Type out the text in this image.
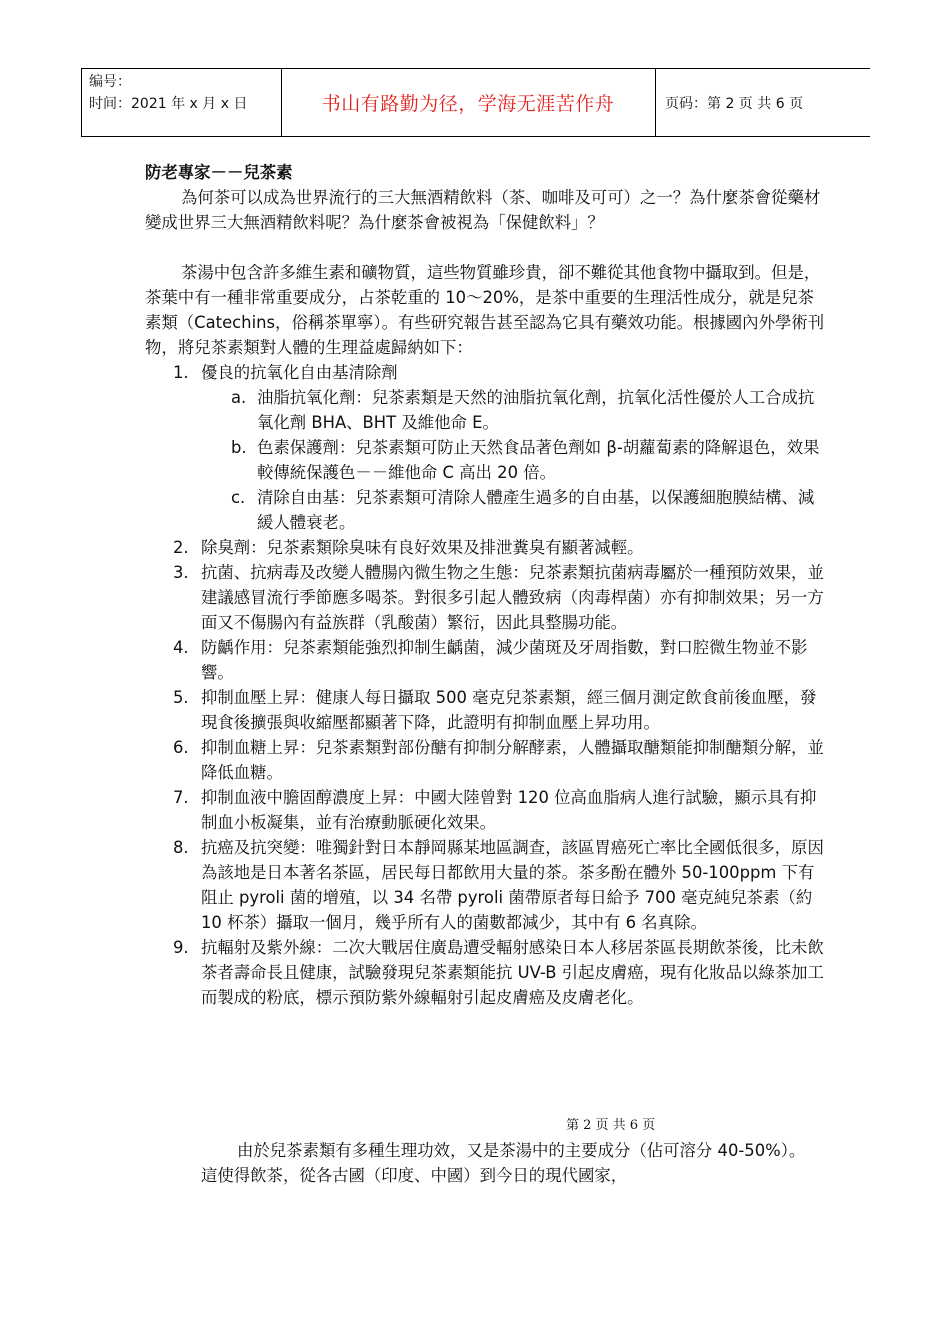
编号：
时间：2021 年 x 月 x 日	书山有路勤为径，学海无涯苦作舟	页码：第 2 页 共 6 页

防老專家－－兒茶素

為何茶可以成為世界流行的三大無酒精飲料（茶、咖啡及可可）之一？為什麼茶會從藥材變成世界三大無酒精飲料呢？為什麼茶會被視為「保健飲料」？

茶湯中包含許多維生素和礦物質，這些物質雖珍貴，卻不難從其他食物中攝取到。但是，茶葉中有一種非常重要成分，占茶乾重的 10～20%，是茶中重要的生理活性成分，就是兒茶素類（Catechins，俗稱茶單寧）。有些研究報告甚至認為它具有藥效功能。根據國內外學術刊物，將兒茶素類對人體的生理益處歸納如下：

1. 優良的抗氧化自由基清除劑
a. 油脂抗氧化劑：兒茶素類是天然的油脂抗氧化劑，抗氧化活性優於人工合成抗氧化劑 BHA、BHT 及維他命 E。
b. 色素保護劑：兒茶素類可防止天然食品著色劑如 β-胡蘿蔔素的降解退色，效果較傳統保護色－－維他命 C 高出 20 倍。
c. 清除自由基：兒茶素類可清除人體產生過多的自由基，以保護細胞膜結構、減緩人體衰老。
2. 除臭劑：兒茶素類除臭味有良好效果及排泄糞臭有顯著減輕。
3. 抗菌、抗病毒及改變人體腸內微生物之生態：兒茶素類抗菌病毒屬於一種預防效果，並建議感冒流行季節應多喝茶。對很多引起人體致病（肉毒桿菌）亦有抑制效果；另一方面又不傷腸內有益族群（乳酸菌）繁衍，因此具整腸功能。
4. 防齲作用：兒茶素類能強烈抑制生齲菌，減少菌斑及牙周指數，對口腔微生物並不影響。
5. 抑制血壓上昇：健康人每日攝取 500 毫克兒茶素類，經三個月測定飲食前後血壓，發現食後擴張與收縮壓都顯著下降，此證明有抑制血壓上昇功用。
6. 抑制血糖上昇：兒茶素類對部份醣有抑制分解酵素，人體攝取醣類能抑制醣類分解，並降低血糖。
7. 抑制血液中膽固醇濃度上昇：中國大陸曾對 120 位高血脂病人進行試驗，顯示具有抑制血小板凝集，並有治療動脈硬化效果。
8. 抗癌及抗突變：唯獨針對日本靜岡縣某地區調查，該區胃癌死亡率比全國低很多，原因為該地是日本著名茶區，居民每日都飲用大量的茶。茶多酚在體外 50-100ppm 下有阻止 pyroli 菌的增殖，以 34 名帶 pyroli 菌帶原者每日給予 700 毫克純兒茶素（約 10 杯茶）攝取一個月，幾乎所有人的菌數都減少，其中有 6 名真除。
9. 抗輻射及紫外線：二次大戰居住廣島遭受輻射感染日本人移居茶區長期飲茶後，比未飲茶者壽命長且健康，試驗發現兒茶素類能抗 UV-B 引起皮膚癌，現有化妝品以綠茶加工而製成的粉底，標示預防紫外線輻射引起皮膚癌及皮膚老化。
第 2 页 共 6 页

由於兒茶素類有多種生理功效，又是茶湯中的主要成分（佔可溶分 40-50%）。這使得飲茶，從各古國（印度、中國）到今日的現代國家，
